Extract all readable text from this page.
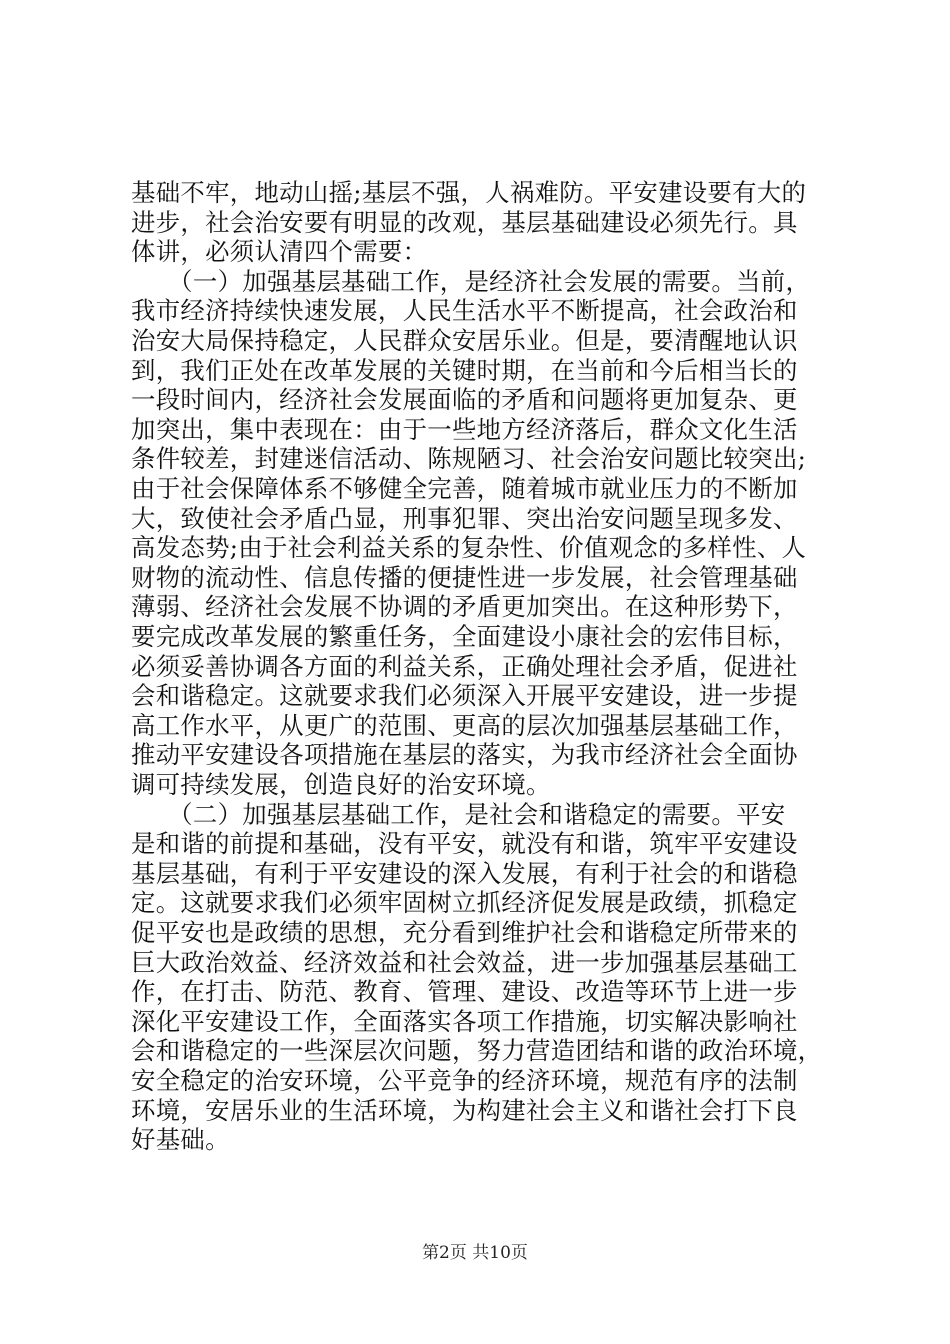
基础不牢，地动山摇;基层不强，人祸难防。平安建设要有大的
进步，社会治安要有明显的改观，基层基础建设必须先行。具
体讲，必须认清四个需要：
　　（一）加强基层基础工作，是经济社会发展的需要。当前，
我市经济持续快速发展，人民生活水平不断提高，社会政治和
治安大局保持稳定，人民群众安居乐业。但是，要清醒地认识
到，我们正处在改革发展的关键时期，在当前和今后相当长的
一段时间内，经济社会发展面临的矛盾和问题将更加复杂、更
加突出，集中表现在：由于一些地方经济落后，群众文化生活
条件较差，封建迷信活动、陈规陋习、社会治安问题比较突出;
由于社会保障体系不够健全完善，随着城市就业压力的不断加
大，致使社会矛盾凸显，刑事犯罪、突出治安问题呈现多发、
高发态势;由于社会利益关系的复杂性、价值观念的多样性、人
财物的流动性、信息传播的便捷性进一步发展，社会管理基础
薄弱、经济社会发展不协调的矛盾更加突出。在这种形势下，
要完成改革发展的繁重任务，全面建设小康社会的宏伟目标，
必须妥善协调各方面的利益关系，正确处理社会矛盾，促进社
会和谐稳定。这就要求我们必须深入开展平安建设，进一步提
高工作水平，从更广的范围、更高的层次加强基层基础工作，
推动平安建设各项措施在基层的落实，为我市经济社会全面协
调可持续发展，创造良好的治安环境。
　　（二）加强基层基础工作，是社会和谐稳定的需要。平安
是和谐的前提和基础，没有平安，就没有和谐，筑牢平安建设
基层基础，有利于平安建设的深入发展，有利于社会的和谐稳
定。这就要求我们必须牢固树立抓经济促发展是政绩，抓稳定
促平安也是政绩的思想，充分看到维护社会和谐稳定所带来的
巨大政治效益、经济效益和社会效益，进一步加强基层基础工
作，在打击、防范、教育、管理、建设、改造等环节上进一步
深化平安建设工作，全面落实各项工作措施，切实解决影响社
会和谐稳定的一些深层次问题，努力营造团结和谐的政治环境，
安全稳定的治安环境，公平竞争的经济环境，规范有序的法制
环境，安居乐业的生活环境，为构建社会主义和谐社会打下良
好基础。
第2页 共10页
